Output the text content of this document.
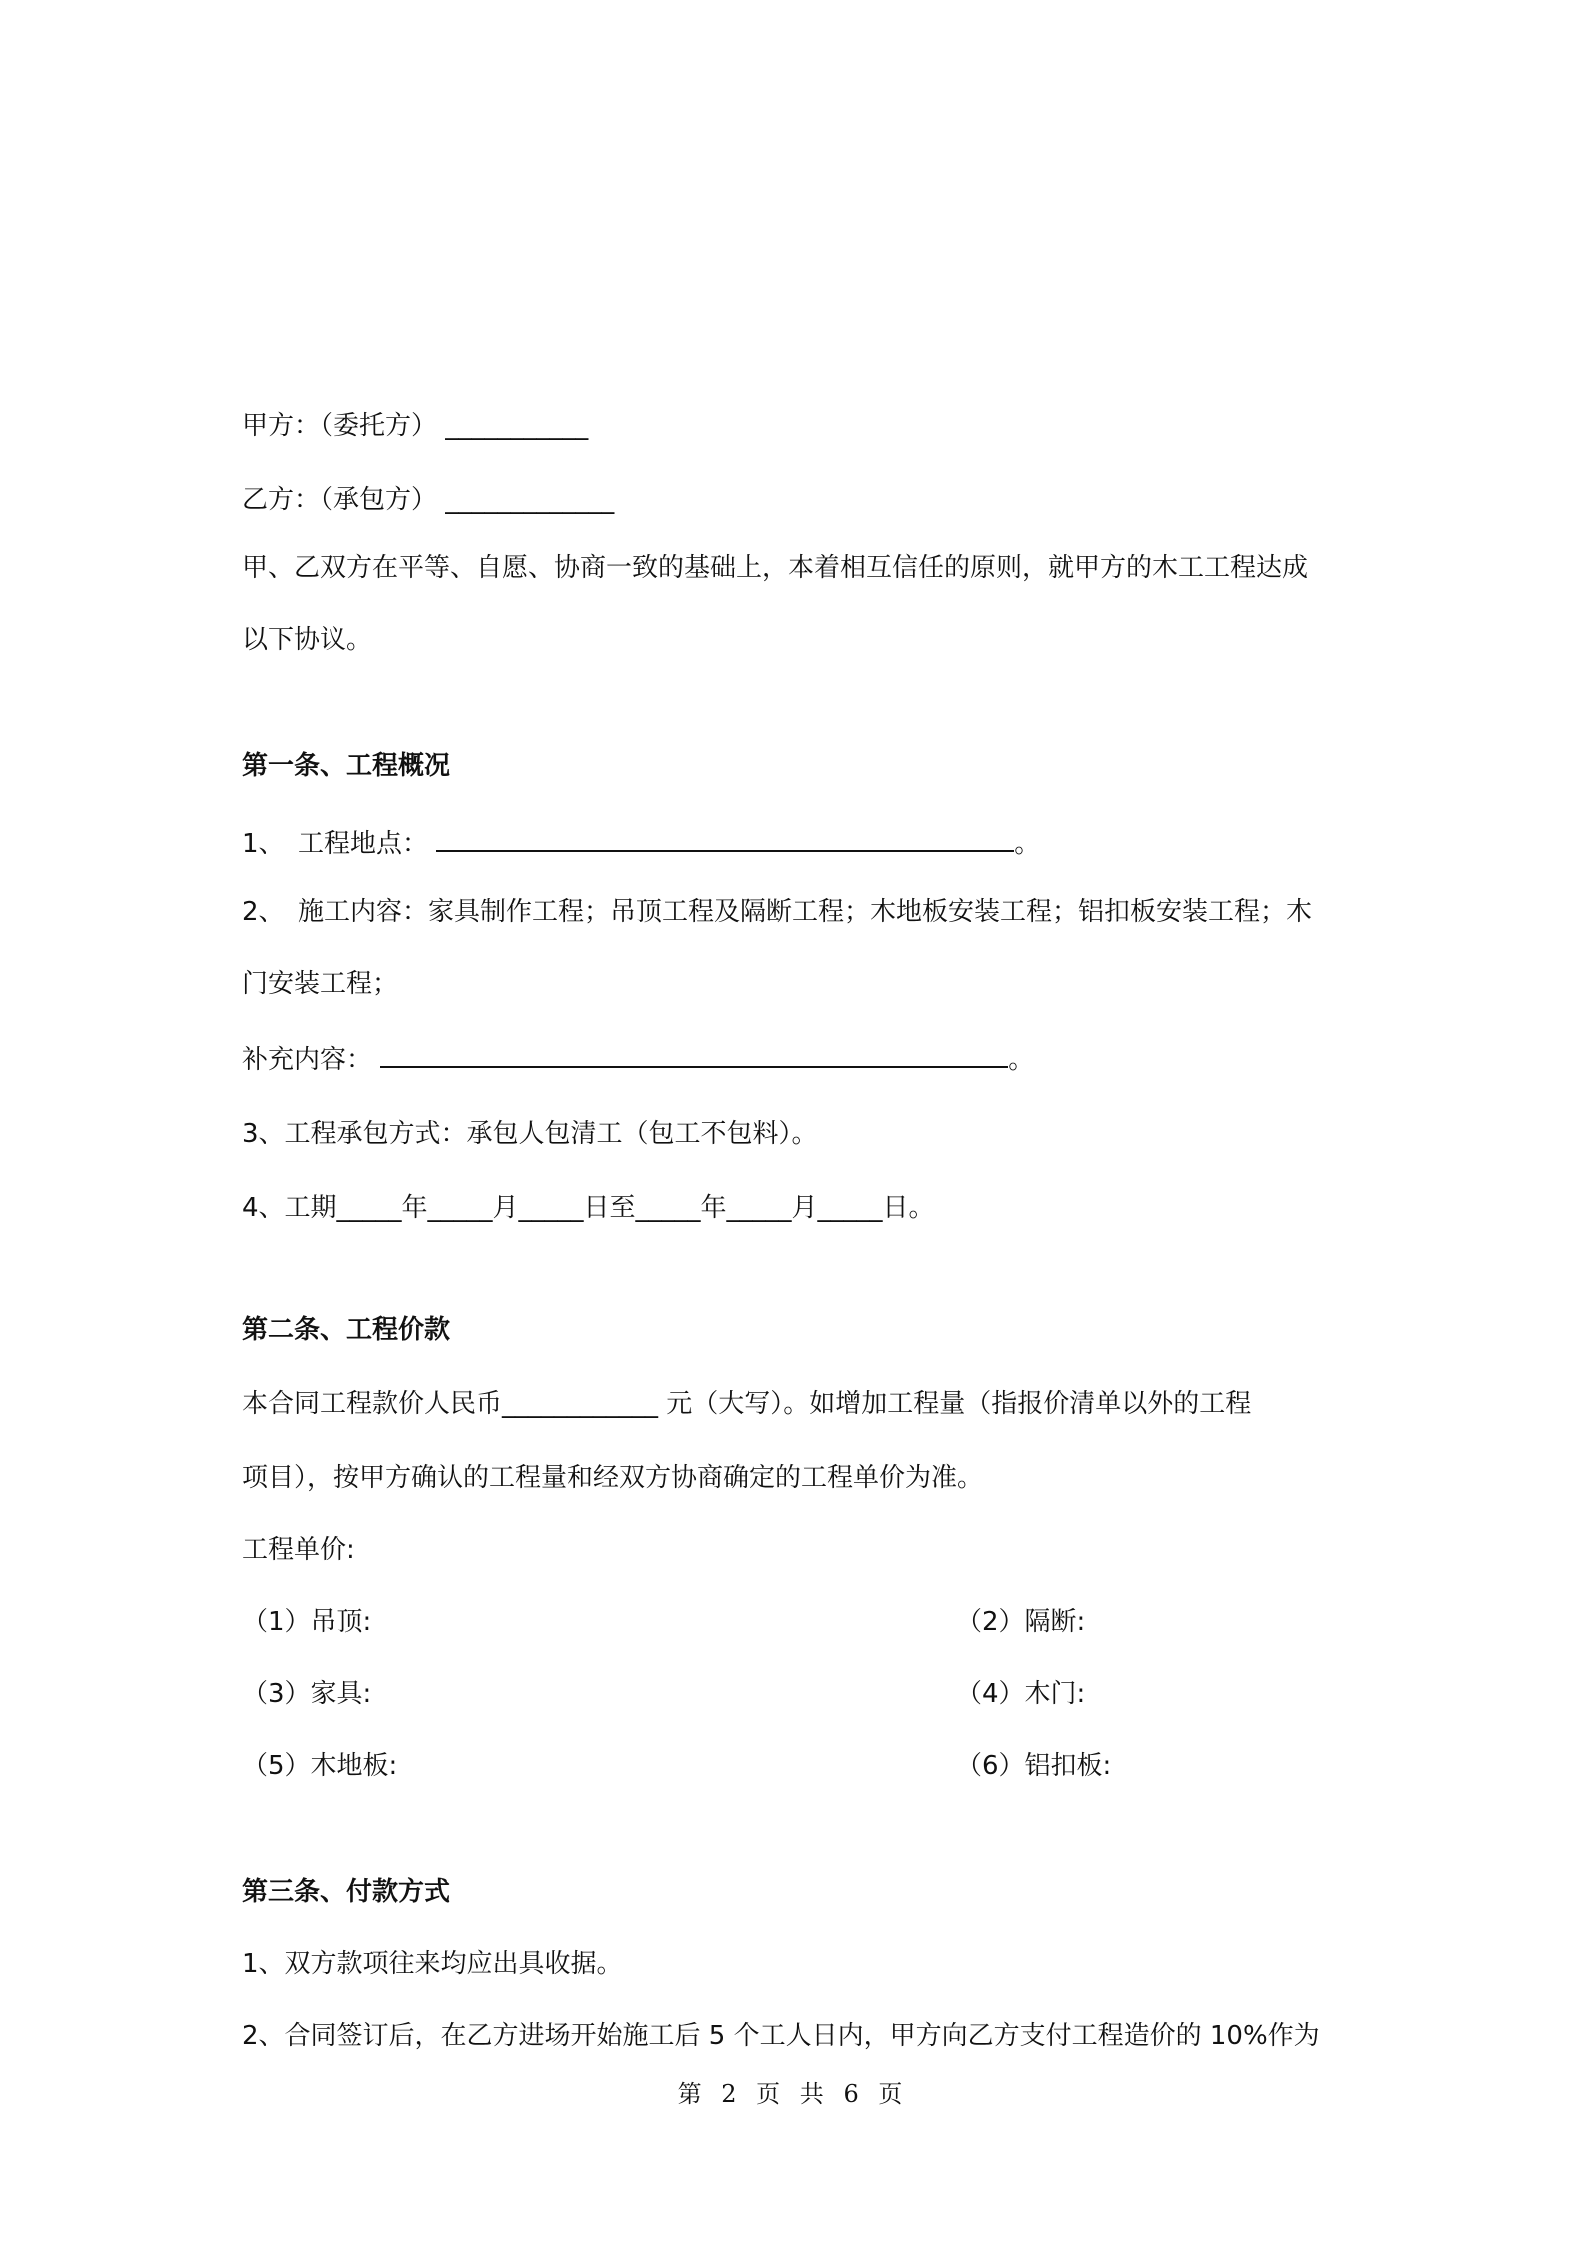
甲方：（委托方） ___________

乙方：（承包方） _____________

甲、乙双方在平等、自愿、协商一致的基础上，本着相互信任的原则，就甲方的木工工程达成

以下协议。

第一条、工程概况

1、 工程地点：	。

2、 施工内容：家具制作工程；吊顶工程及隔断工程；木地板安装工程；铝扣板安装工程；木

门安装工程；

补充内容：	。

3、工程承包方式：承包人包清工（包工不包料）。

4、工期_____年_____月_____日至_____年_____月_____日。

第二条、工程价款

本合同工程款价人民币____________ 元（大写）。如增加工程量（指报价清单以外的工程

项目），按甲方确认的工程量和经双方协商确定的工程单价为准。

工程单价:

（1）吊顶:	（2）隔断:

（3）家具:	（4）木门:

（5）木地板:	（6）铝扣板:

第三条、付款方式

1、双方款项往来均应出具收据。

2、合同签订后，在乙方进场开始施工后 5 个工人日内，甲方向乙方支付工程造价的 10%作为

第 2 页 共 6 页
